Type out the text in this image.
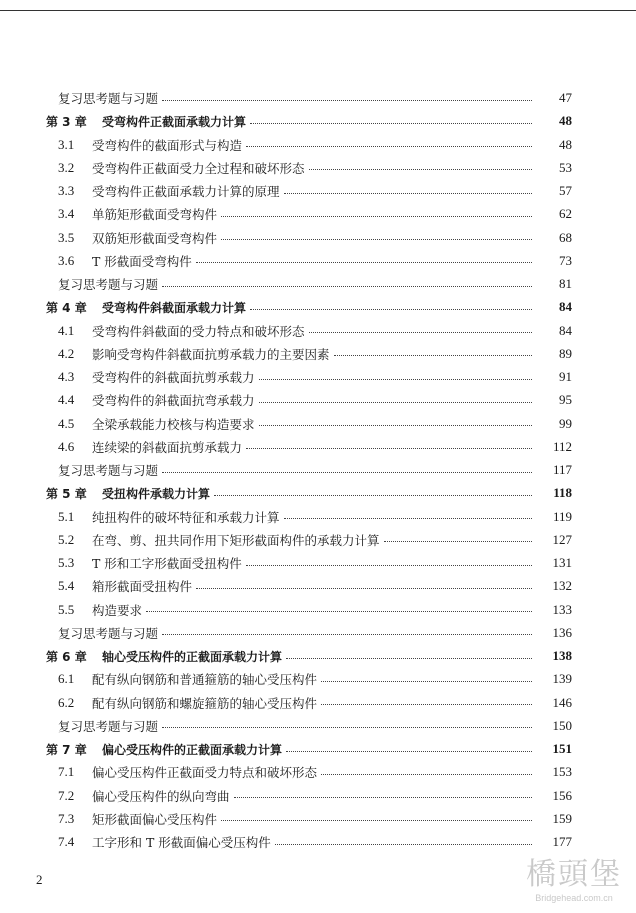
复习思考题与习题	47
第 3 章	受弯构件正截面承载力计算	48
3.1	受弯构件的截面形式与构造	48
3.2	受弯构件正截面受力全过程和破坏形态	53
3.3	受弯构件正截面承载力计算的原理	57
3.4	单筋矩形截面受弯构件	62
3.5	双筋矩形截面受弯构件	68
3.6	T 形截面受弯构件	73
复习思考题与习题	81
第 4 章	受弯构件斜截面承载力计算	84
4.1	受弯构件斜截面的受力特点和破坏形态	84
4.2	影响受弯构件斜截面抗剪承载力的主要因素	89
4.3	受弯构件的斜截面抗剪承载力	91
4.4	受弯构件的斜截面抗弯承载力	95
4.5	全梁承载能力校核与构造要求	99
4.6	连续梁的斜截面抗剪承载力	112
复习思考题与习题	117
第 5 章	受扭构件承载力计算	118
5.1	纯扭构件的破坏特征和承载力计算	119
5.2	在弯、剪、扭共同作用下矩形截面构件的承载力计算	127
5.3	T 形和工字形截面受扭构件	131
5.4	箱形截面受扭构件	132
5.5	构造要求	133
复习思考题与习题	136
第 6 章	轴心受压构件的正截面承载力计算	138
6.1	配有纵向钢筋和普通箍筋的轴心受压构件	139
6.2	配有纵向钢筋和螺旋箍筋的轴心受压构件	146
复习思考题与习题	150
第 7 章	偏心受压构件的正截面承载力计算	151
7.1	偏心受压构件正截面受力特点和破坏形态	153
7.2	偏心受压构件的纵向弯曲	156
7.3	矩形截面偏心受压构件	159
7.4	工字形和 T 形截面偏心受压构件	177
2	橋頭堡
Bridgehead.com.cn
